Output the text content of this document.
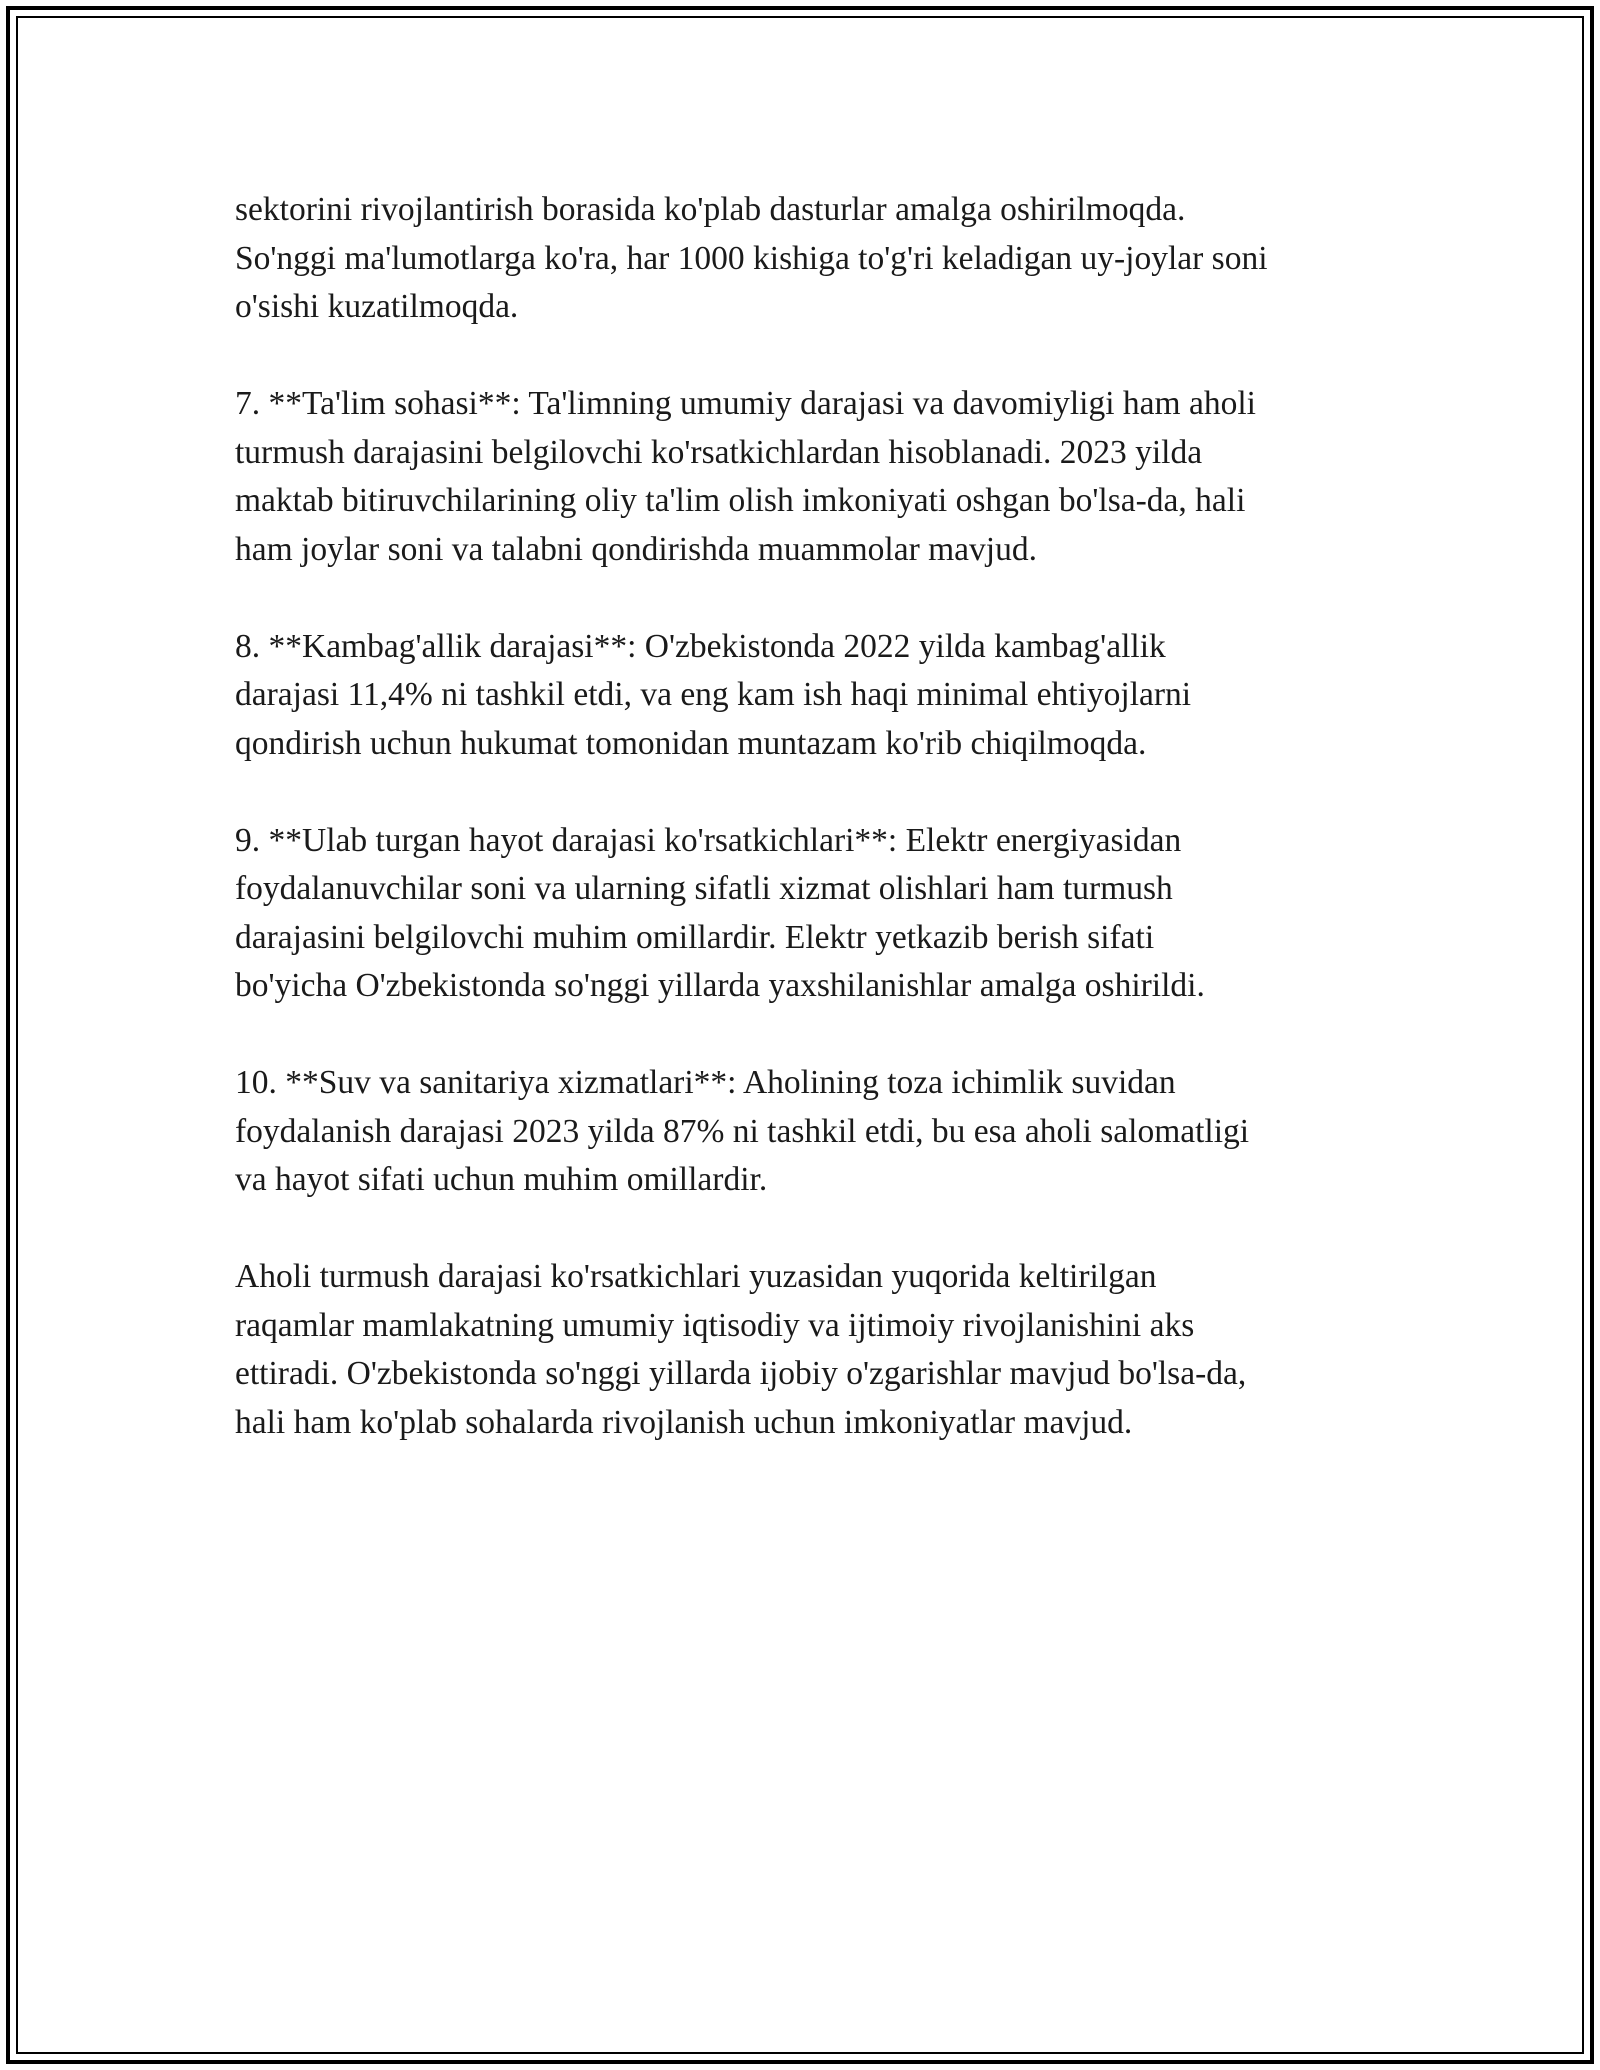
sektorini rivojlantirish borasida ko'plab dasturlar amalga oshirilmoqda.
So'nggi ma'lumotlarga ko'ra, har 1000 kishiga to'g'ri keladigan uy-joylar soni
o'sishi kuzatilmoqda.

7. **Ta'lim sohasi**: Ta'limning umumiy darajasi va davomiyligi ham aholi
turmush darajasini belgilovchi ko'rsatkichlardan hisoblanadi. 2023 yilda
maktab bitiruvchilarining oliy ta'lim olish imkoniyati oshgan bo'lsa-da, hali
ham joylar soni va talabni qondirishda muammolar mavjud.

8. **Kambag'allik darajasi**: O'zbekistonda 2022 yilda kambag'allik
darajasi 11,4% ni tashkil etdi, va eng kam ish haqi minimal ehtiyojlarni
qondirish uchun hukumat tomonidan muntazam ko'rib chiqilmoqda.

9. **Ulab turgan hayot darajasi ko'rsatkichlari**: Elektr energiyasidan
foydalanuvchilar soni va ularning sifatli xizmat olishlari ham turmush
darajasini belgilovchi muhim omillardir. Elektr yetkazib berish sifati
bo'yicha O'zbekistonda so'nggi yillarda yaxshilanishlar amalga oshirildi.

10. **Suv va sanitariya xizmatlari**: Aholining toza ichimlik suvidan
foydalanish darajasi 2023 yilda 87% ni tashkil etdi, bu esa aholi salomatligi
va hayot sifati uchun muhim omillardir.

Aholi turmush darajasi ko'rsatkichlari yuzasidan yuqorida keltirilgan
raqamlar mamlakatning umumiy iqtisodiy va ijtimoiy rivojlanishini aks
ettiradi. O'zbekistonda so'nggi yillarda ijobiy o'zgarishlar mavjud bo'lsa-da,
hali ham ko'plab sohalarda rivojlanish uchun imkoniyatlar mavjud.
